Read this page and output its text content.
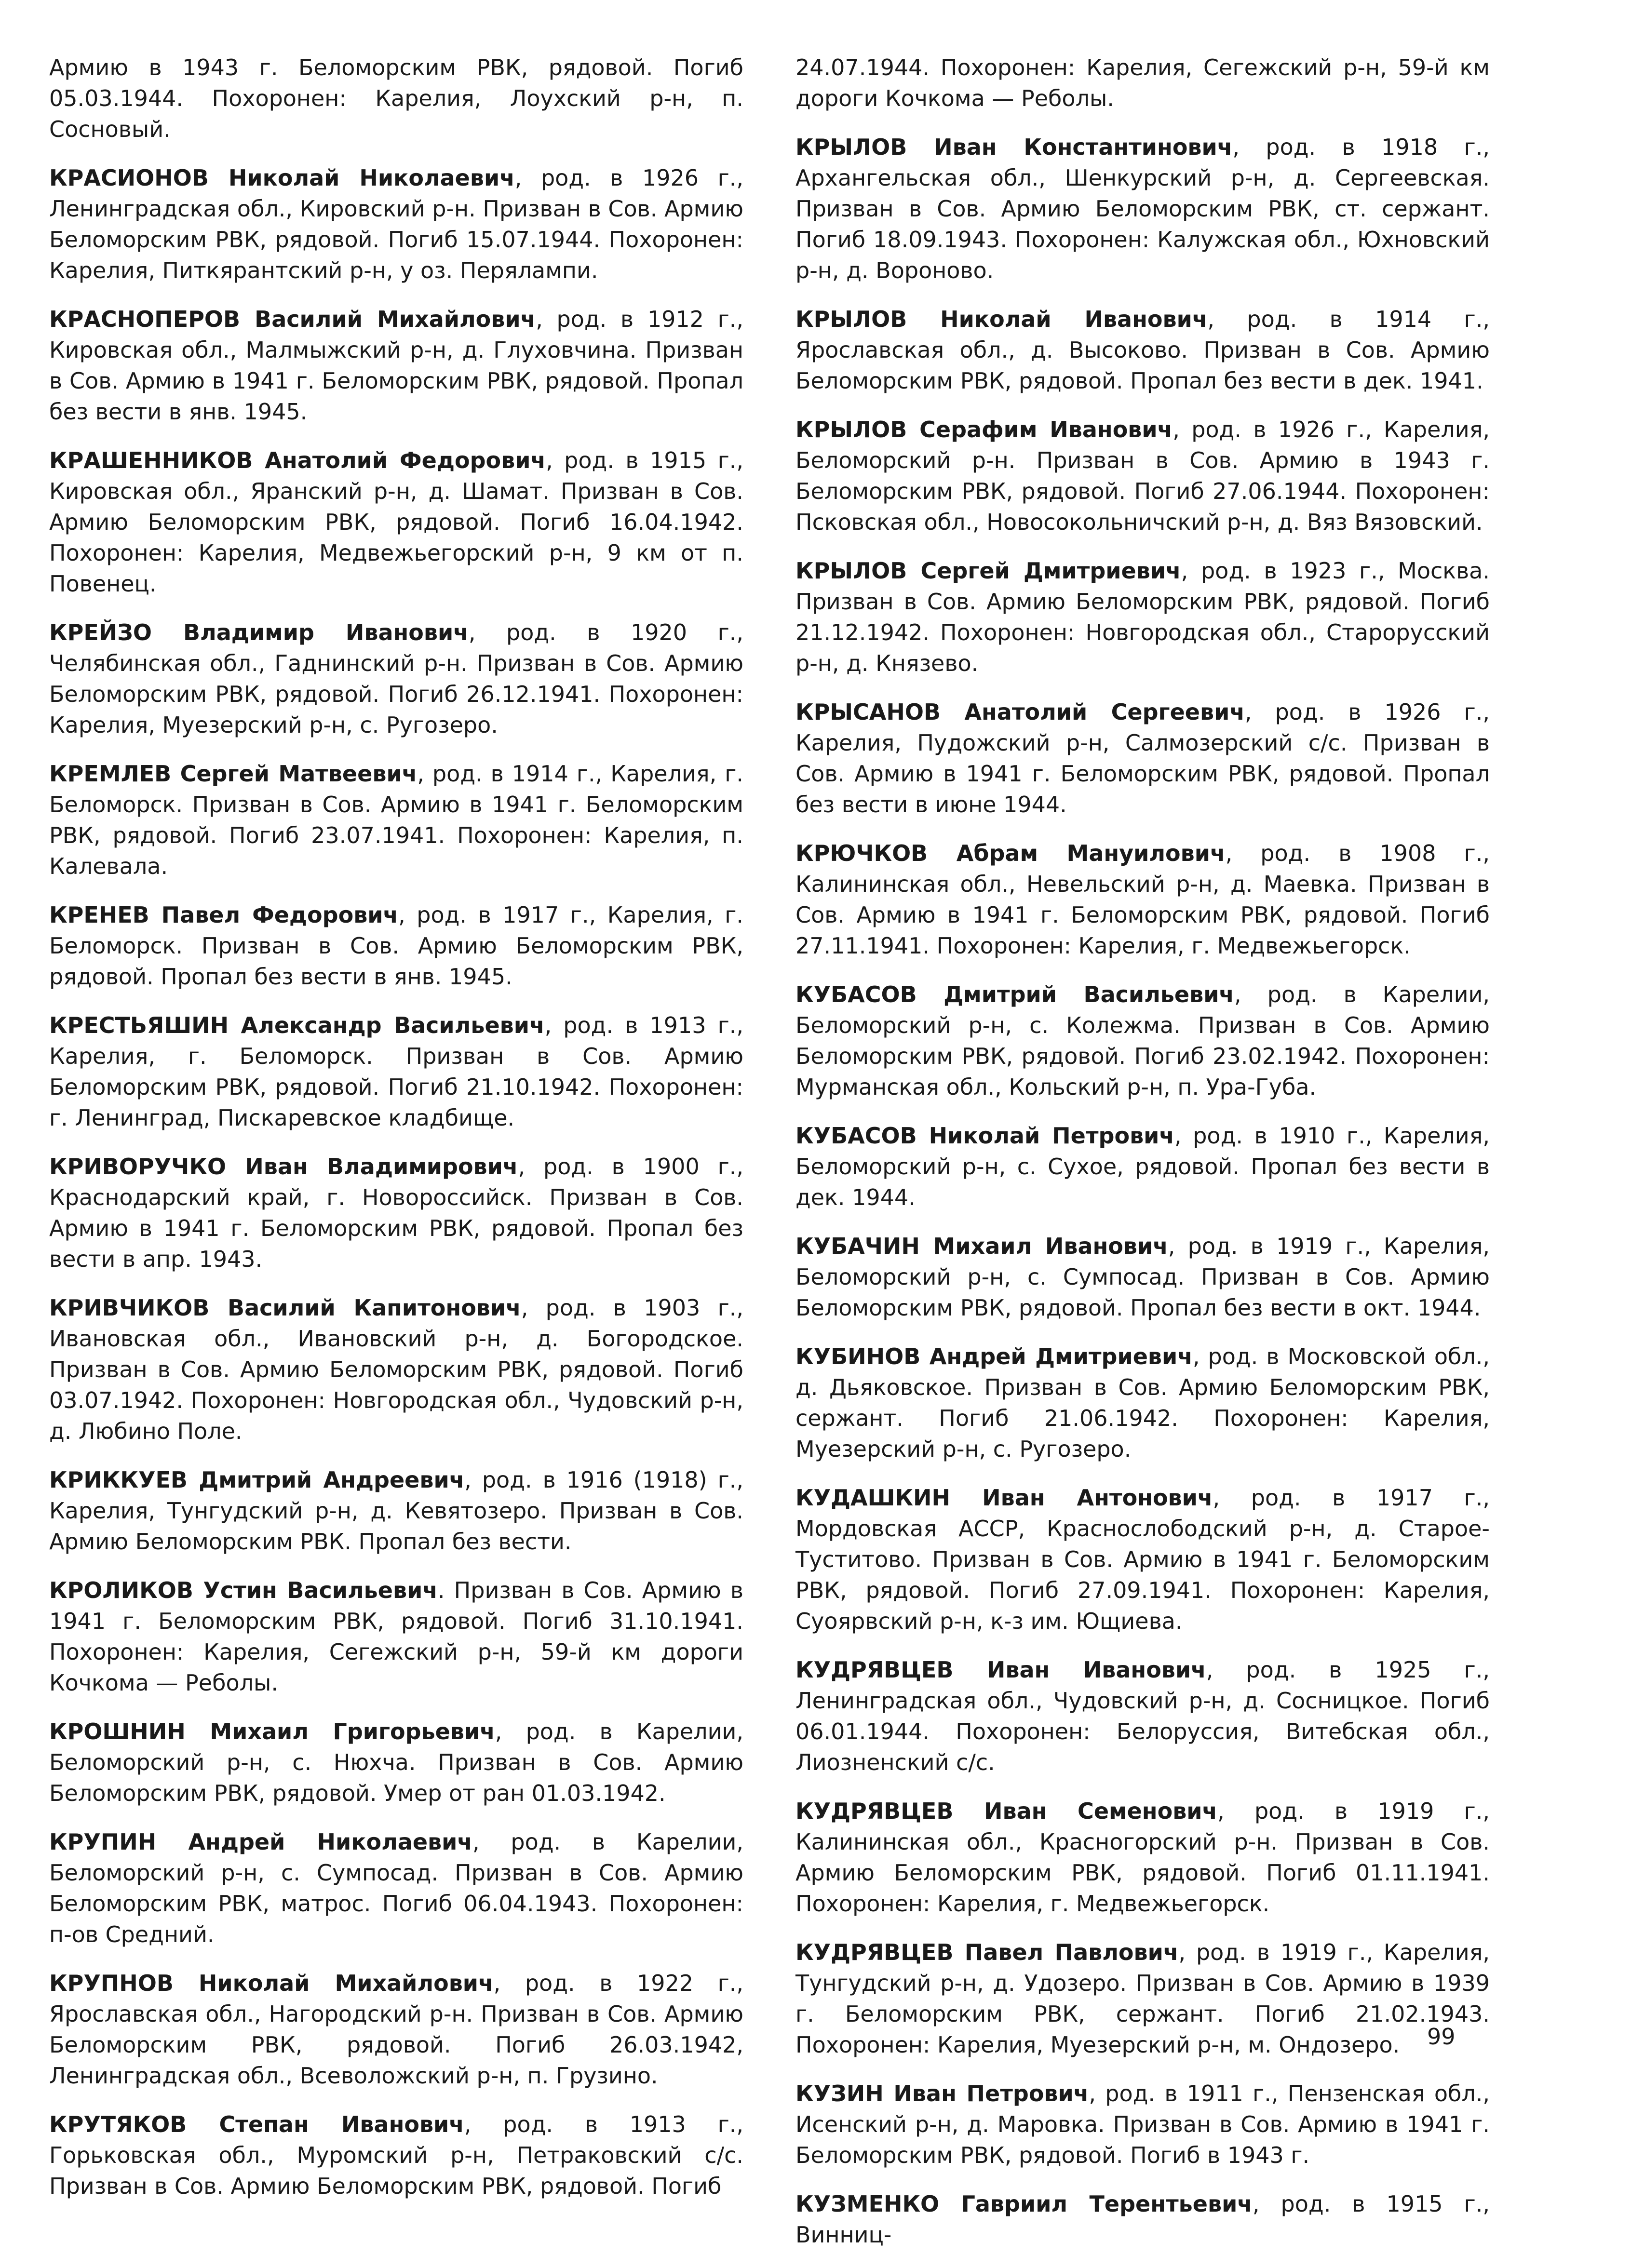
Армию в 1943 г. Беломорским РВК, рядовой. Погиб 05.03.1944. Похоронен: Карелия, Лоухский р-н, п. Сосновый.

КРАСИОНОВ Николай Николаевич, род. в 1926 г., Ленинградская обл., Кировский р-н. Призван в Сов. Армию Беломорским РВК, рядовой. Погиб 15.07.1944. Похоронен: Карелия, Питкярантский р-н, у оз. Перялампи.

КРАСНОПЕРОВ Василий Михайлович, род. в 1912 г., Кировская обл., Малмыжский р-н, д. Глуховчина. Призван в Сов. Армию в 1941 г. Беломорским РВК, рядовой. Пропал без вести в янв. 1945.

КРАШЕННИКОВ Анатолий Федорович, род. в 1915 г., Кировская обл., Яранский р-н, д. Шамат. Призван в Сов. Армию Беломорским РВК, рядовой. Погиб 16.04.1942. Похоронен: Карелия, Медвежьегорский р-н, 9 км от п. Повенец.

КРЕЙЗО Владимир Иванович, род. в 1920 г., Челябинская обл., Гаднинский р-н. Призван в Сов. Армию Беломорским РВК, рядовой. Погиб 26.12.1941. Похоронен: Карелия, Муезерский р-н, с. Ругозеро.

КРЕМЛЕВ Сергей Матвеевич, род. в 1914 г., Карелия, г. Беломорск. Призван в Сов. Армию в 1941 г. Беломорским РВК, рядовой. Погиб 23.07.1941. Похоронен: Карелия, п. Калевала.

КРЕНЕВ Павел Федорович, род. в 1917 г., Карелия, г. Беломорск. Призван в Сов. Армию Беломорским РВК, рядовой. Пропал без вести в янв. 1945.

КРЕСТЬЯШИН Александр Васильевич, род. в 1913 г., Карелия, г. Беломорск. Призван в Сов. Армию Беломорским РВК, рядовой. Погиб 21.10.1942. Похоронен: г. Ленинград, Пискаревское кладбище.

КРИВОРУЧКО Иван Владимирович, род. в 1900 г., Краснодарский край, г. Новороссийск. Призван в Сов. Армию в 1941 г. Беломорским РВК, рядовой. Пропал без вести в апр. 1943.

КРИВЧИКОВ Василий Капитонович, род. в 1903 г., Ивановская обл., Ивановский р-н, д. Богородское. Призван в Сов. Армию Беломорским РВК, рядовой. Погиб 03.07.1942. Похоронен: Новгородская обл., Чудовский р-н, д. Любино Поле.

КРИККУЕВ Дмитрий Андреевич, род. в 1916 (1918) г., Карелия, Тунгудский р-н, д. Кевятозеро. Призван в Сов. Армию Беломорским РВК. Пропал без вести.

КРОЛИКОВ Устин Васильевич. Призван в Сов. Армию в 1941 г. Беломорским РВК, рядовой. Погиб 31.10.1941. Похоронен: Карелия, Сегежский р-н, 59-й км дороги Кочкома — Реболы.

КРОШНИН Михаил Григорьевич, род. в Карелии, Беломорский р-н, с. Нюхча. Призван в Сов. Армию Беломорским РВК, рядовой. Умер от ран 01.03.1942.

КРУПИН Андрей Николаевич, род. в Карелии, Беломорский р-н, с. Сумпосад. Призван в Сов. Армию Беломорским РВК, матрос. Погиб 06.04.1943. Похоронен: п-ов Средний.

КРУПНОВ Николай Михайлович, род. в 1922 г., Ярославская обл., Нагородский р-н. Призван в Сов. Армию Беломорским РВК, рядовой. Погиб 26.03.1942, Ленинградская обл., Всеволожский р-н, п. Грузино.

КРУТЯКОВ Степан Иванович, род. в 1913 г., Горьковская обл., Муромский р-н, Петраковский с/с. Призван в Сов. Армию Беломорским РВК, рядовой. Погиб

24.07.1944. Похоронен: Карелия, Сегежский р-н, 59-й км дороги Кочкома — Реболы.

КРЫЛОВ Иван Константинович, род. в 1918 г., Архангельская обл., Шенкурский р-н, д. Сергеевская. Призван в Сов. Армию Беломорским РВК, ст. сержант. Погиб 18.09.1943. Похоронен: Калужская обл., Юхновский р-н, д. Вороново.

КРЫЛОВ Николай Иванович, род. в 1914 г., Ярославская обл., д. Высоково. Призван в Сов. Армию Беломорским РВК, рядовой. Пропал без вести в дек. 1941.

КРЫЛОВ Серафим Иванович, род. в 1926 г., Карелия, Беломорский р-н. Призван в Сов. Армию в 1943 г. Беломорским РВК, рядовой. Погиб 27.06.1944. Похоронен: Псковская обл., Новосокольничский р-н, д. Вяз Вязовский.

КРЫЛОВ Сергей Дмитриевич, род. в 1923 г., Москва. Призван в Сов. Армию Беломорским РВК, рядовой. Погиб 21.12.1942. Похоронен: Новгородская обл., Старорусский р-н, д. Князево.

КРЫСАНОВ Анатолий Сергеевич, род. в 1926 г., Карелия, Пудожский р-н, Салмозерский с/с. Призван в Сов. Армию в 1941 г. Беломорским РВК, рядовой. Пропал без вести в июне 1944.

КРЮЧКОВ Абрам Мануилович, род. в 1908 г., Калининская обл., Невельский р-н, д. Маевка. Призван в Сов. Армию в 1941 г. Беломорским РВК, рядовой. Погиб 27.11.1941. Похоронен: Карелия, г. Медвежьегорск.

КУБАСОВ Дмитрий Васильевич, род. в Карелии, Беломорский р-н, с. Колежма. Призван в Сов. Армию Беломорским РВК, рядовой. Погиб 23.02.1942. Похоронен: Мурманская обл., Кольский р-н, п. Ура-Губа.

КУБАСОВ Николай Петрович, род. в 1910 г., Карелия, Беломорский р-н, с. Сухое, рядовой. Пропал без вести в дек. 1944.

КУБАЧИН Михаил Иванович, род. в 1919 г., Карелия, Беломорский р-н, с. Сумпосад. Призван в Сов. Армию Беломорским РВК, рядовой. Пропал без вести в окт. 1944.

КУБИНОВ Андрей Дмитриевич, род. в Московской обл., д. Дьяковское. Призван в Сов. Армию Беломорским РВК, сержант. Погиб 21.06.1942. Похоронен: Карелия, Муезерский р-н, с. Ругозеро.

КУДАШКИН Иван Антонович, род. в 1917 г., Мордовская АССР, Краснослободский р-н, д. Старое-Туститово. Призван в Сов. Армию в 1941 г. Беломорским РВК, рядовой. Погиб 27.09.1941. Похоронен: Карелия, Суоярвский р-н, к-з им. Ющиева.

КУДРЯВЦЕВ Иван Иванович, род. в 1925 г., Ленинградская обл., Чудовский р-н, д. Сосницкое. Погиб 06.01.1944. Похоронен: Белоруссия, Витебская обл., Лиозненский с/с.

КУДРЯВЦЕВ Иван Семенович, род. в 1919 г., Калининская обл., Красногорский р-н. Призван в Сов. Армию Беломорским РВК, рядовой. Погиб 01.11.1941. Похоронен: Карелия, г. Медвежьегорск.

КУДРЯВЦЕВ Павел Павлович, род. в 1919 г., Карелия, Тунгудский р-н, д. Удозеро. Призван в Сов. Армию в 1939 г. Беломорским РВК, сержант. Погиб 21.02.1943. Похоронен: Карелия, Муезерский р-н, м. Ондозеро.

КУЗИН Иван Петрович, род. в 1911 г., Пензенская обл., Исенский р-н, д. Маровка. Призван в Сов. Армию в 1941 г. Беломорским РВК, рядовой. Погиб в 1943 г.

КУЗМЕНКО Гавриил Терентьевич, род. в 1915 г., Винниц-

99
